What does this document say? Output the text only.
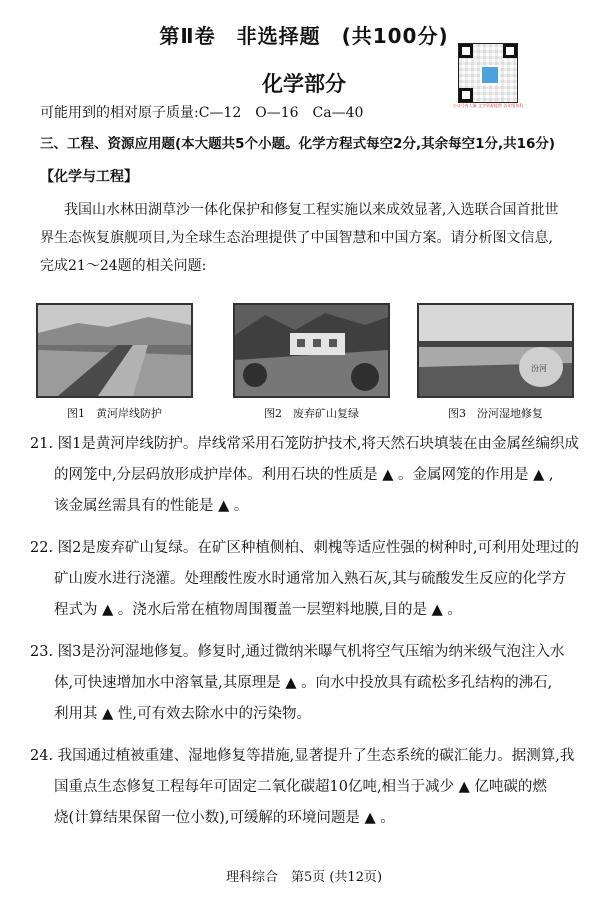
第Ⅱ卷　非选择题　(共100分)
公众号有大量 文字资源提供 各年级各科
化学部分
可能用到的相对原子质量:C—12　O—16　Ca—40
三、工程、资源应用题(本大题共5个小题。化学方程式每空2分,其余每空1分,共16分)
【化学与工程】
我国山水林田湖草沙一体化保护和修复工程实施以来成效显著,入选联合国首批世
界生态恢复旗舰项目,为全球生态治理提供了中国智慧和中国方案。请分析图文信息,
完成21～24题的相关问题:
图1　黄河岸线防护	图2　废弃矿山复绿
汾河
图3　汾河湿地修复
21. 图1是黄河岸线防护。岸线常采用石笼防护技术,将天然石块填装在由金属丝编织成
的网笼中,分层码放形成护岸体。利用石块的性质是 ▲ 。金属网笼的作用是 ▲ ,
该金属丝需具有的性能是 ▲ 。
22. 图2是废弃矿山复绿。在矿区种植侧柏、刺槐等适应性强的树种时,可利用处理过的
矿山废水进行浇灌。处理酸性废水时通常加入熟石灰,其与硫酸发生反应的化学方
程式为 ▲ 。浇水后常在植物周围覆盖一层塑料地膜,目的是 ▲ 。
23. 图3是汾河湿地修复。修复时,通过微纳米曝气机将空气压缩为纳米级气泡注入水
体,可快速增加水中溶氧量,其原理是 ▲ 。向水中投放具有疏松多孔结构的沸石,
利用其 ▲ 性,可有效去除水中的污染物。
24. 我国通过植被重建、湿地修复等措施,显著提升了生态系统的碳汇能力。据测算,我
国重点生态修复工程每年可固定二氧化碳超10亿吨,相当于减少 ▲ 亿吨碳的燃
烧(计算结果保留一位小数),可缓解的环境问题是 ▲ 。
理科综合　第5页 (共12页)
